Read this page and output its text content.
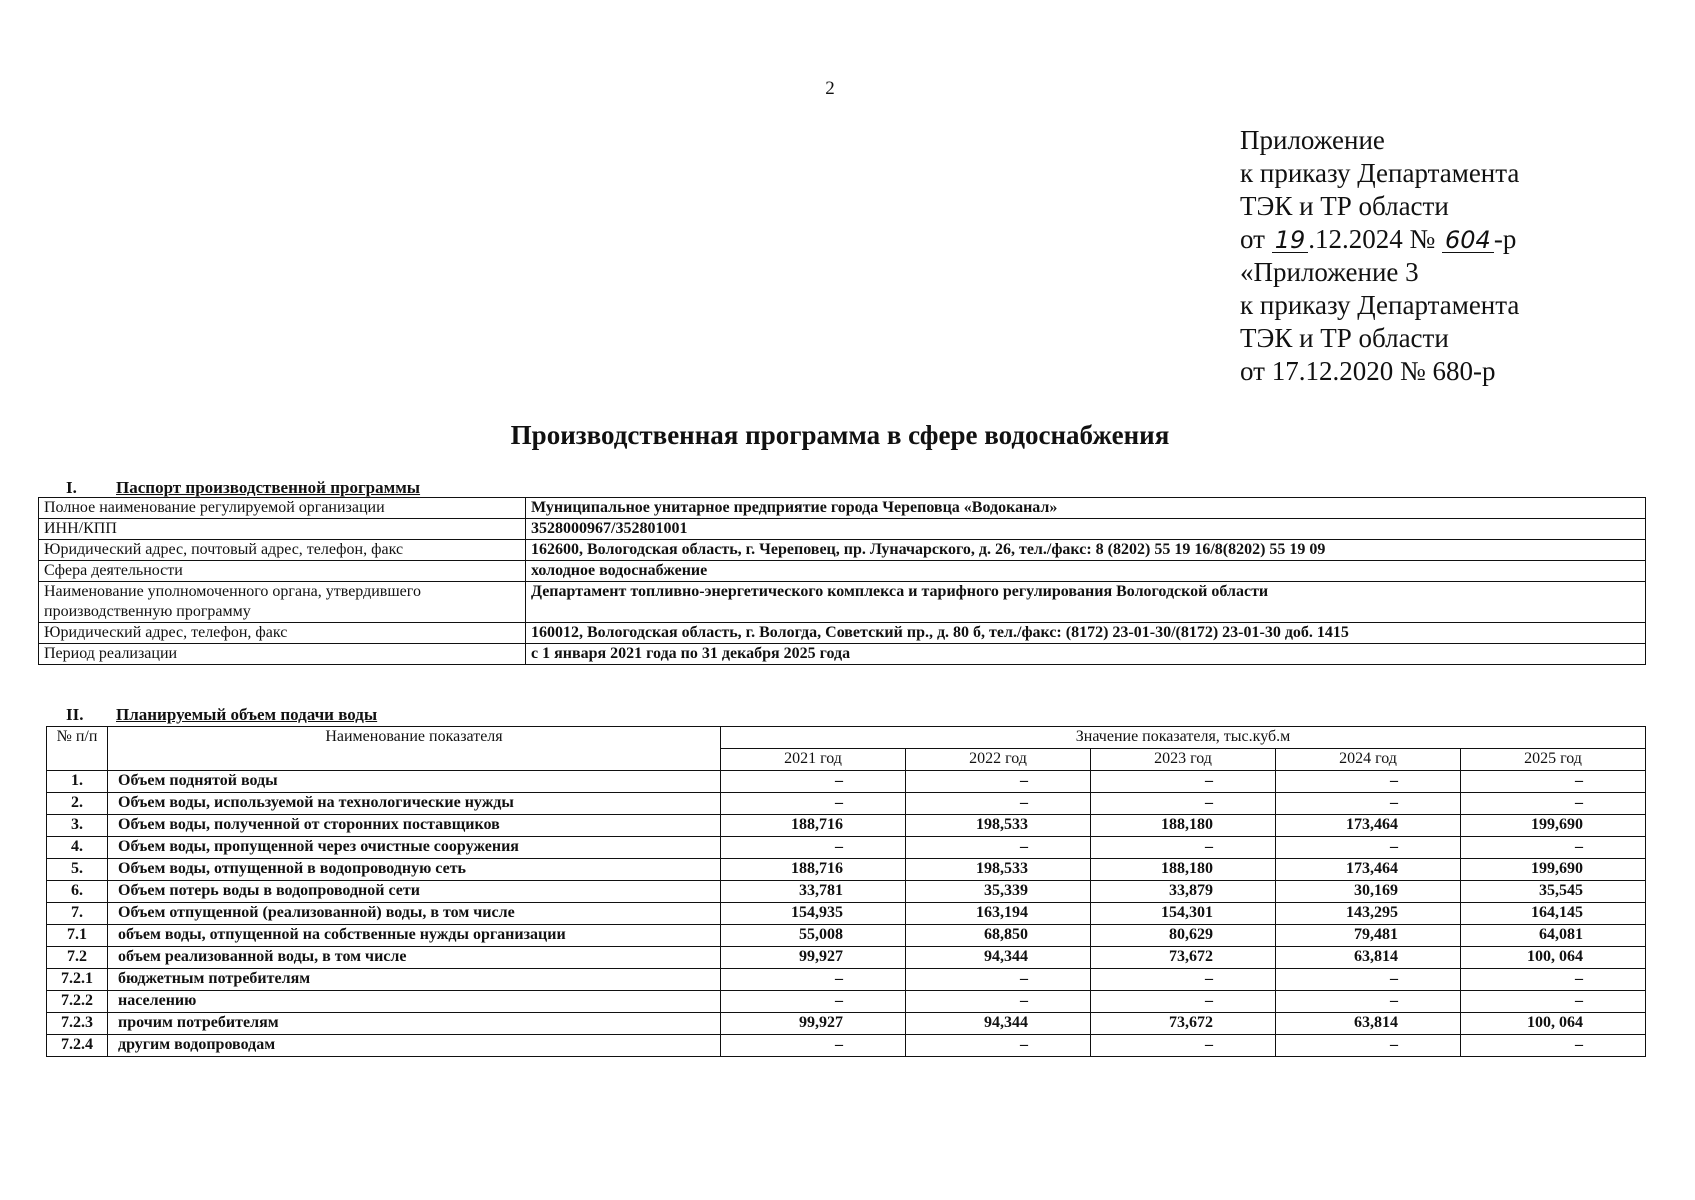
2
Приложение
к приказу Департамента
ТЭК и ТР области
от 19 .12.2024 № 604 -р
«Приложение 3
к приказу Департамента
ТЭК и ТР области
от 17.12.2020 № 680-р
Производственная программа в сфере водоснабжения
I. Паспорт производственной программы
Полное наименование регулируемой организации	Муниципальное унитарное предприятие города Череповца «Водоканал»
ИНН/КПП	3528000967/352801001
Юридический адрес, почтовый адрес, телефон, факс	162600, Вологодская область, г. Череповец, пр. Луначарского, д. 26, тел./факс: 8 (8202) 55 19 16/8(8202) 55 19 09
Сфера деятельности	холодное водоснабжение
Наименование уполномоченного органа, утвердившего производственную программу	Департамент топливно-энергетического комплекса и тарифного регулирования Вологодской области
Юридический адрес, телефон, факс	160012, Вологодская область, г. Вологда, Советский пр., д. 80 б, тел./факс: (8172) 23-01-30/(8172) 23-01-30 доб. 1415
Период реализации	с 1 января 2021 года по 31 декабря 2025 года
II. Планируемый объем подачи воды
№ п/п	Наименование показателя	Значение показателя, тыс.куб.м				
		2021 год	2022 год	2023 год	2024 год	2025 год
1.	Объем поднятой воды	–	–	–	–	–
2.	Объем воды, используемой на технологические нужды	–	–	–	–	–
3.	Объем воды, полученной от сторонних поставщиков	188,716	198,533	188,180	173,464	199,690
4.	Объем воды, пропущенной через очистные сооружения	–	–	–	–	–
5.	Объем воды, отпущенной в водопроводную сеть	188,716	198,533	188,180	173,464	199,690
6.	Объем потерь воды в водопроводной сети	33,781	35,339	33,879	30,169	35,545
7.	Объем отпущенной (реализованной) воды, в том числе	154,935	163,194	154,301	143,295	164,145
7.1	объем воды, отпущенной на собственные нужды организации	55,008	68,850	80,629	79,481	64,081
7.2	объем реализованной воды, в том числе	99,927	94,344	73,672	63,814	100, 064
7.2.1	бюджетным потребителям	–	–	–	–	–
7.2.2	населению	–	–	–	–	–
7.2.3	прочим потребителям	99,927	94,344	73,672	63,814	100, 064
7.2.4	другим водопроводам	–	–	–	–	–
